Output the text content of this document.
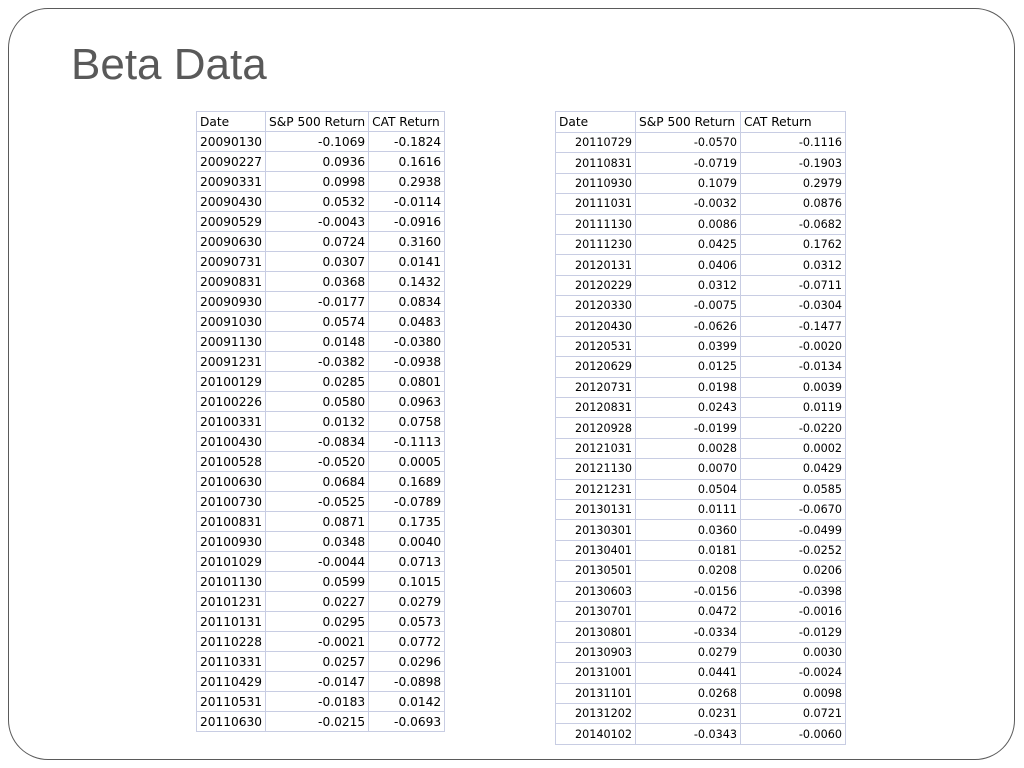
Beta Data
Date	S&P 500 Return	CAT Return
20090130	-0.1069	-0.1824
20090227	0.0936	0.1616
20090331	0.0998	0.2938
20090430	0.0532	-0.0114
20090529	-0.0043	-0.0916
20090630	0.0724	0.3160
20090731	0.0307	0.0141
20090831	0.0368	0.1432
20090930	-0.0177	0.0834
20091030	0.0574	0.0483
20091130	0.0148	-0.0380
20091231	-0.0382	-0.0938
20100129	0.0285	0.0801
20100226	0.0580	0.0963
20100331	0.0132	0.0758
20100430	-0.0834	-0.1113
20100528	-0.0520	0.0005
20100630	0.0684	0.1689
20100730	-0.0525	-0.0789
20100831	0.0871	0.1735
20100930	0.0348	0.0040
20101029	-0.0044	0.0713
20101130	0.0599	0.1015
20101231	0.0227	0.0279
20110131	0.0295	0.0573
20110228	-0.0021	0.0772
20110331	0.0257	0.0296
20110429	-0.0147	-0.0898
20110531	-0.0183	0.0142
20110630	-0.0215	-0.0693
Date	S&P 500 Return	CAT Return
20110729	-0.0570	-0.1116
20110831	-0.0719	-0.1903
20110930	0.1079	0.2979
20111031	-0.0032	0.0876
20111130	0.0086	-0.0682
20111230	0.0425	0.1762
20120131	0.0406	0.0312
20120229	0.0312	-0.0711
20120330	-0.0075	-0.0304
20120430	-0.0626	-0.1477
20120531	0.0399	-0.0020
20120629	0.0125	-0.0134
20120731	0.0198	0.0039
20120831	0.0243	0.0119
20120928	-0.0199	-0.0220
20121031	0.0028	0.0002
20121130	0.0070	0.0429
20121231	0.0504	0.0585
20130131	0.0111	-0.0670
20130301	0.0360	-0.0499
20130401	0.0181	-0.0252
20130501	0.0208	0.0206
20130603	-0.0156	-0.0398
20130701	0.0472	-0.0016
20130801	-0.0334	-0.0129
20130903	0.0279	0.0030
20131001	0.0441	-0.0024
20131101	0.0268	0.0098
20131202	0.0231	0.0721
20140102	-0.0343	-0.0060
